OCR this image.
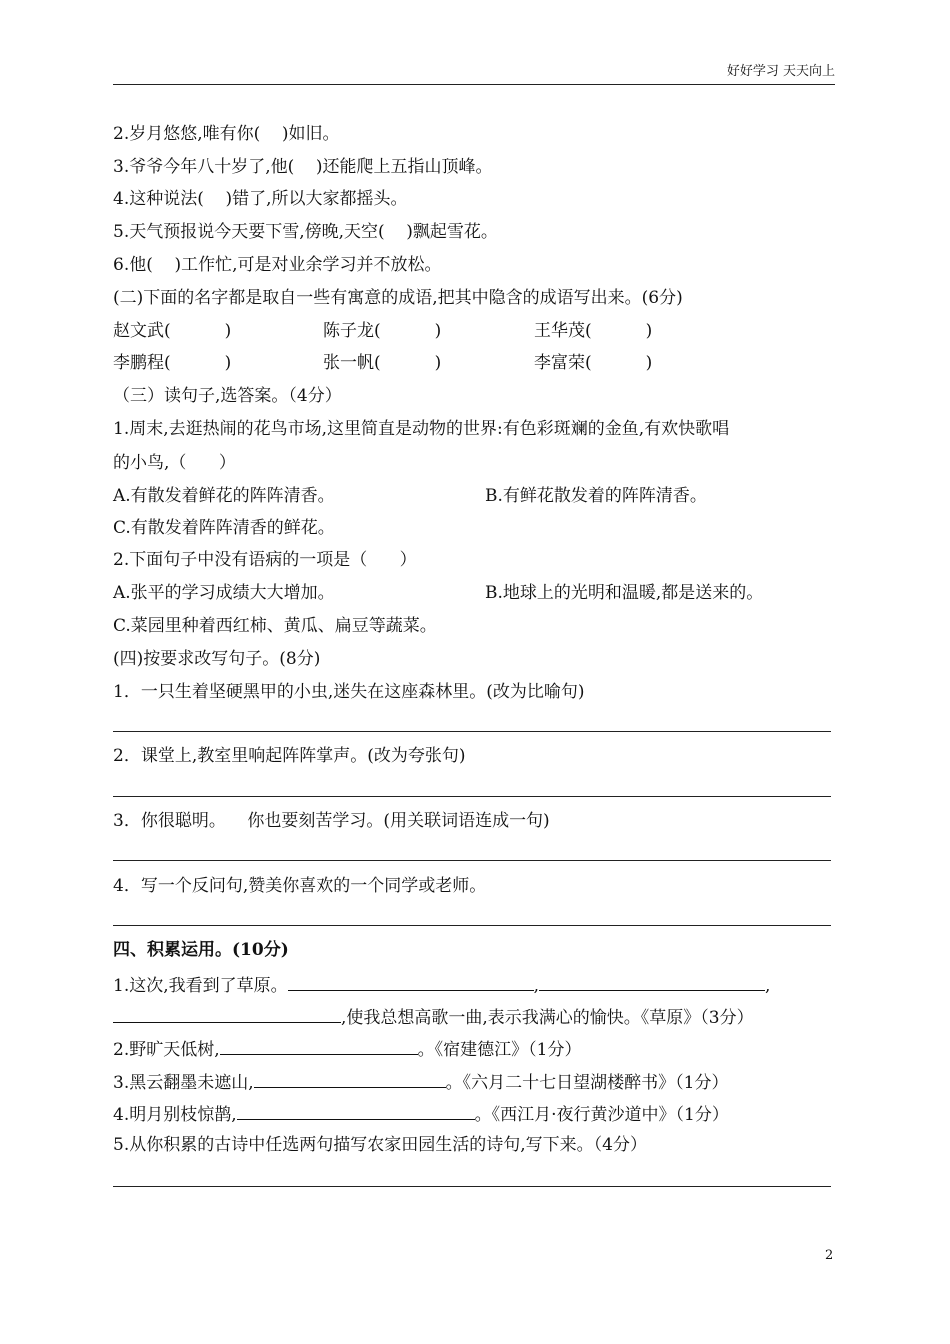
好好学习 天天向上
2.岁月悠悠,唯有你(    )如旧。
3.爷爷今年八十岁了,他(    )还能爬上五指山顶峰。
4.这种说法(    )错了,所以大家都摇头。
5.天气预报说今天要下雪,傍晚,天空(    )飘起雪花。
6.他(    )工作忙,可是对业余学习并不放松。
(二)下面的名字都是取自一些有寓意的成语,把其中隐含的成语写出来。(6分)
赵文武(          )	陈子龙(          )	王华茂(          )
李鹏程(          )	张一帆(          )	李富荣(          )
（三）读句子,选答案。（4分）
1.周末,去逛热闹的花鸟市场,这里简直是动物的世界:有色彩斑斓的金鱼,有欢快歌唱
的小鸟,（      ）
A.有散发着鲜花的阵阵清香。	B.有鲜花散发着的阵阵清香。
C.有散发着阵阵清香的鲜花。
2.下面句子中没有语病的一项是（      ）
A.张平的学习成绩大大增加。	B.地球上的光明和温暖,都是送来的。
C.菜园里种着西红柿、黄瓜、扁豆等蔬菜。
(四)按要求改写句子。(8分)
1．一只生着坚硬黑甲的小虫,迷失在这座森林里。(改为比喻句)
2．课堂上,教室里响起阵阵掌声。(改为夸张句)
3．你很聪明。    你也要刻苦学习。(用关联词语连成一句)
4．写一个反问句,赞美你喜欢的一个同学或老师。
四、积累运用。(10分)
1.这次,我看到了草原。	,	,
,使我总想高歌一曲,表示我满心的愉快。《草原》（3分）
2.野旷天低树,	。《宿建德江》（1分）
3.黑云翻墨未遮山,	。《六月二十七日望湖楼醉书》（1分）
4.明月别枝惊鹊,	。《西江月·夜行黄沙道中》（1分）
5.从你积累的古诗中任选两句描写农家田园生活的诗句,写下来。（4分）
2
